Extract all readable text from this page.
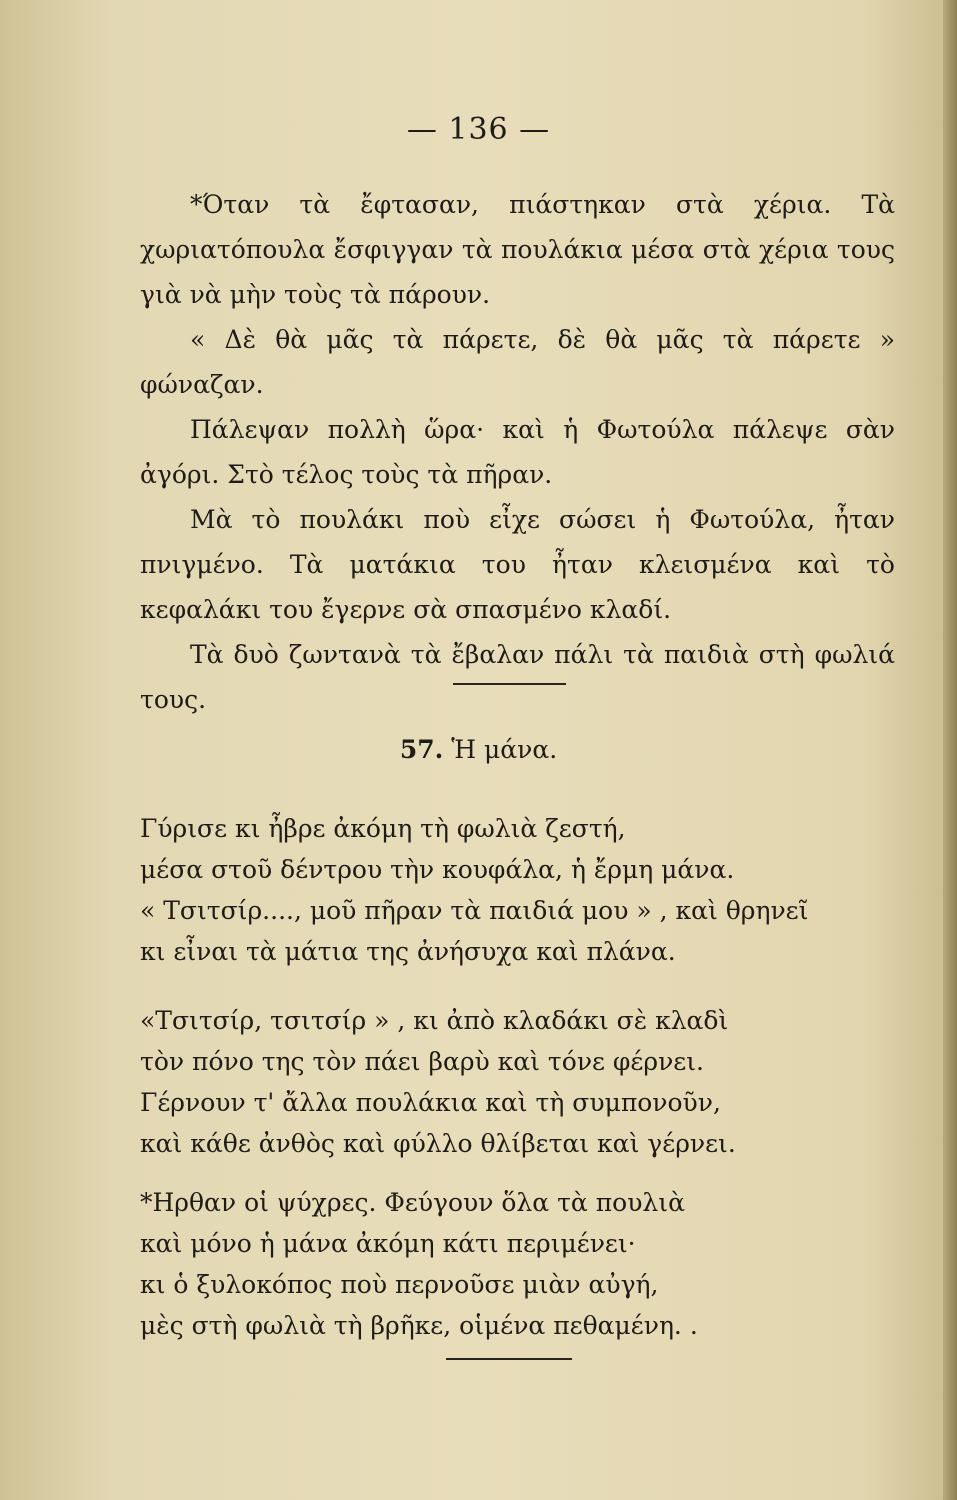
— 136 —

*Όταν τὰ ἔφτασαν, πιάστηκαν στὰ χέρια. Τὰ χωριατόπουλα ἔσφιγγαν τὰ πουλάκια μέσα στὰ χέρια τους γιὰ νὰ μὴν τοὺς τὰ πάρουν.

« Δὲ θὰ μᾶς τὰ πάρετε, δὲ θὰ μᾶς τὰ πάρετε » φώναζαν.

Πάλεψαν πολλὴ ὥρα· καὶ ἡ Φωτούλα πάλεψε σὰν ἀγόρι. Στὸ τέλος τοὺς τὰ πῆραν.

Μὰ τὸ πουλάκι ποὺ εἶχε σώσει ἡ Φωτούλα, ἦταν πνιγμένο. Τὰ ματάκια του ἦταν κλεισμένα καὶ τὸ κεφαλάκι του ἔγερνε σὰ σπασμένο κλαδί.

Τὰ δυὸ ζωντανὰ τὰ ἔβαλαν πάλι τὰ παιδιὰ στὴ φωλιά τους.

57. Ἡ μάνα.
Γύρισε κι ἦβρε ἀκόμη τὴ φωλιὰ ζεστή,
μέσα στοῦ δέντρου τὴν κουφάλα, ἡ ἔρμη μάνα.
« Τσιτσίρ...., μοῦ πῆραν τὰ παιδιά μου » , καὶ θρηνεῖ
κι εἶναι τὰ μάτια της ἀνήσυχα καὶ πλάνα.
«Τσιτσίρ, τσιτσίρ » , κι ἀπὸ κλαδάκι σὲ κλαδὶ
τὸν πόνο της τὸν πάει βαρὺ καὶ τόνε φέρνει.
Γέρνουν τ' ἄλλα πουλάκια καὶ τὴ συμπονοῦν,
καὶ κάθε ἀνθὸς καὶ φύλλο θλίβεται καὶ γέρνει.
*Ηρθαν οἱ ψύχρες. Φεύγουν ὅλα τὰ πουλιὰ
καὶ μόνο ἡ μάνα ἀκόμη κάτι περιμένει·
κι ὁ ξυλοκόπος ποὺ περνοῦσε μιὰν αὐγή,
μὲς στὴ φωλιὰ τὴ βρῆκε, οἱμένα πεθαμένη. .
